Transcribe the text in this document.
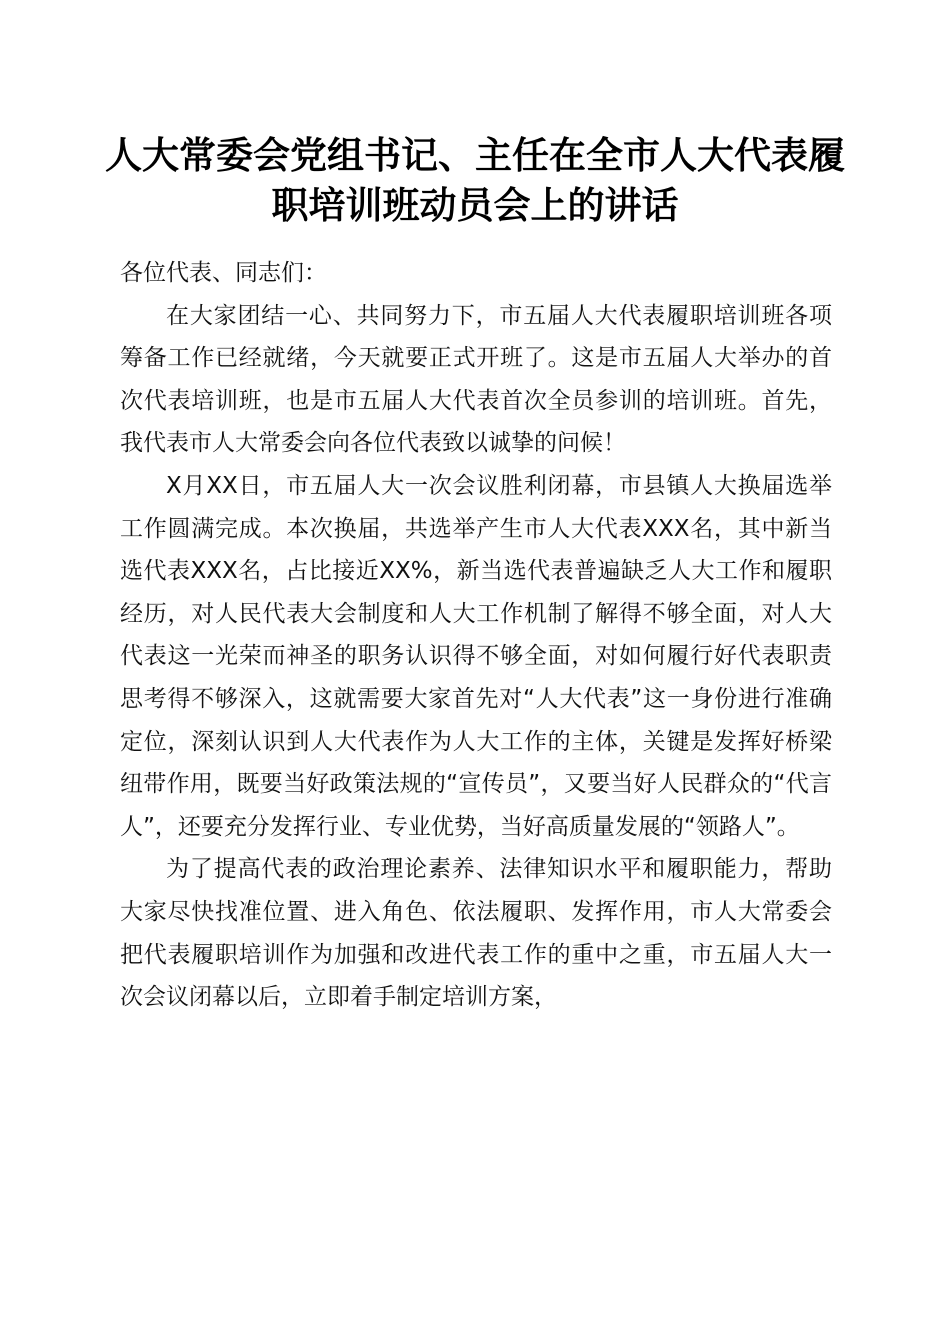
人大常委会党组书记、主任在全市人大代表履
职培训班动员会上的讲话

各位代表、同志们：

在大家团结一心、共同努力下，市五届人大代表履职培训班各项筹备工作已经就绪，今天就要正式开班了。这是市五届人大举办的首次代表培训班，也是市五届人大代表首次全员参训的培训班。首先，我代表市人大常委会向各位代表致以诚挚的问候！

X月XX日，市五届人大一次会议胜利闭幕，市县镇人大换届选举工作圆满完成。本次换届，共选举产生市人大代表XXX名，其中新当选代表XXX名，占比接近XX%，新当选代表普遍缺乏人大工作和履职经历，对人民代表大会制度和人大工作机制了解得不够全面，对人大代表这一光荣而神圣的职务认识得不够全面，对如何履行好代表职责思考得不够深入，这就需要大家首先对“人大代表”这一身份进行准确定位，深刻认识到人大代表作为人大工作的主体，关键是发挥好桥梁纽带作用，既要当好政策法规的“宣传员”，又要当好人民群众的“代言人”，还要充分发挥行业、专业优势，当好高质量发展的“领路人”。

为了提高代表的政治理论素养、法律知识水平和履职能力，帮助大家尽快找准位置、进入角色、依法履职、发挥作用，市人大常委会把代表履职培训作为加强和改进代表工作的重中之重，市五届人大一次会议闭幕以后，立即着手制定培训方案，
